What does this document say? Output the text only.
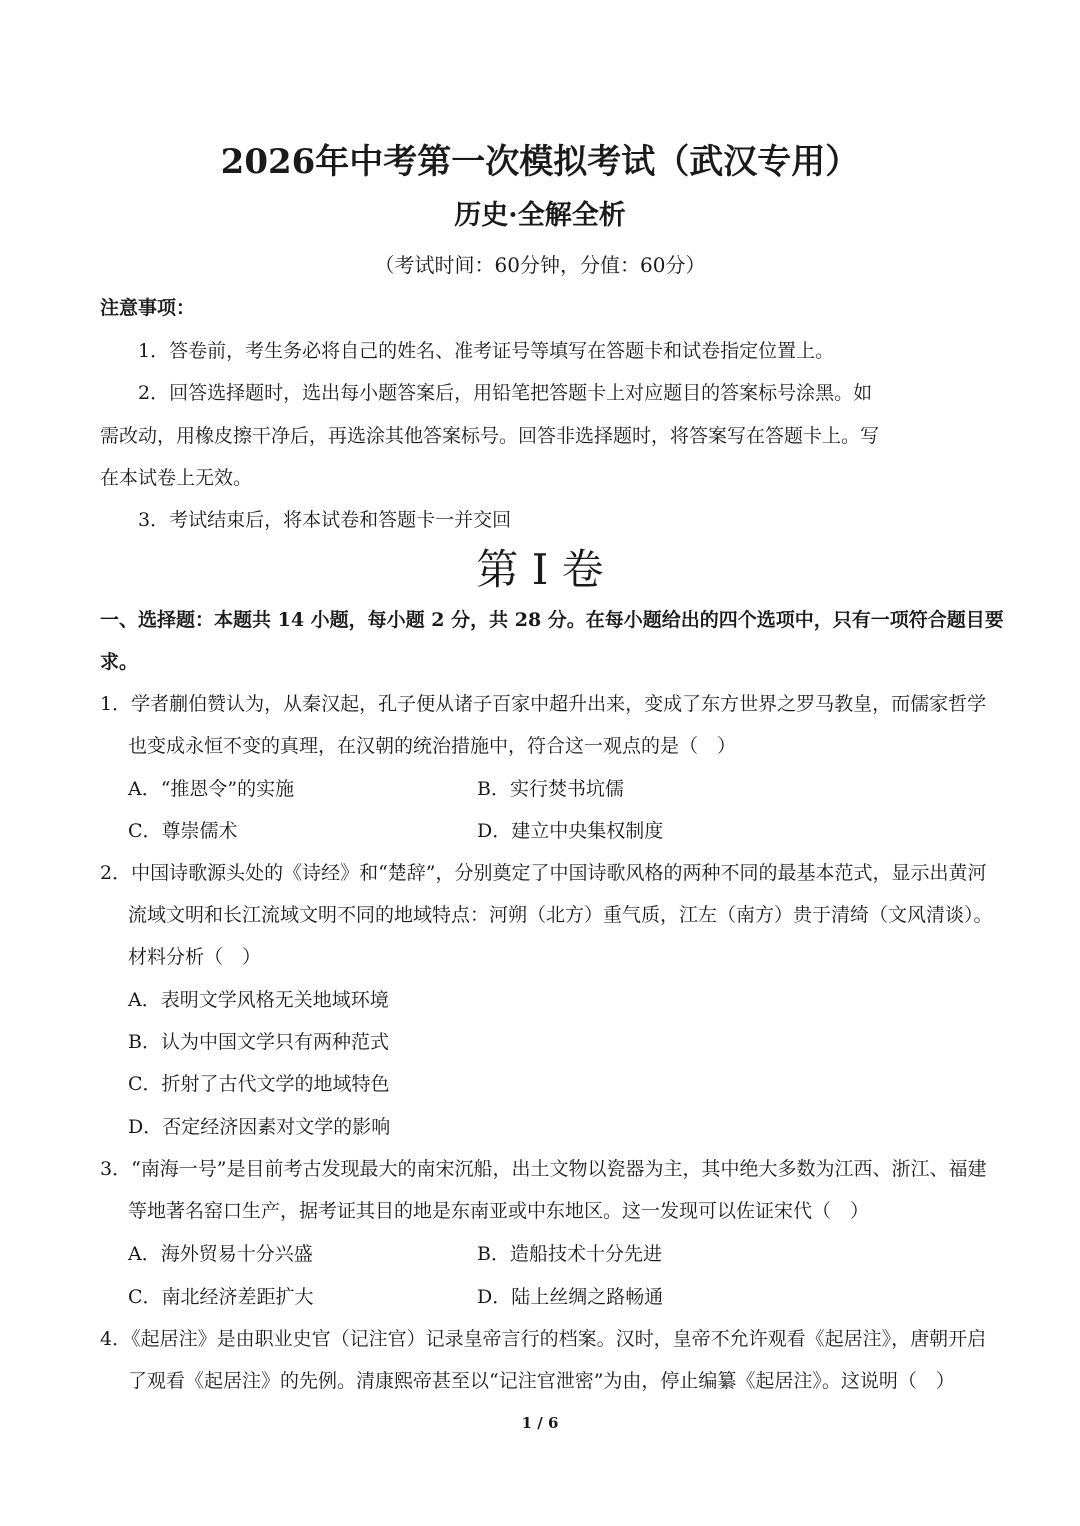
2026年中考第一次模拟考试（武汉专用）
历史·全解全析
（考试时间：60分钟，分值：60分）
注意事项：
1．答卷前，考生务必将自己的姓名、准考证号等填写在答题卡和试卷指定位置上。
2．回答选择题时，选出每小题答案后，用铅笔把答题卡上对应题目的答案标号涂黑。如
需改动，用橡皮擦干净后，再选涂其他答案标号。回答非选择题时，将答案写在答题卡上。写
在本试卷上无效。
3．考试结束后，将本试卷和答题卡一并交回
第 I 卷
一、选择题：本题共 14 小题，每小题 2 分，共 28 分。在每小题给出的四个选项中，只有一项符合题目要
求。
1．学者蒯伯赞认为，从秦汉起，孔子便从诸子百家中超升出来，变成了东方世界之罗马教皇，而儒家哲学
也变成永恒不变的真理，在汉朝的统治措施中，符合这一观点的是（　）
A．“推恩令”的实施	B．实行焚书坑儒
C．尊崇儒术	D．建立中央集权制度
2．中国诗歌源头处的《诗经》和“楚辞”，分别奠定了中国诗歌风格的两种不同的最基本范式，显示出黄河
流域文明和长江流域文明不同的地域特点：河朔（北方）重气质，江左（南方）贵于清绮（文风清谈）。
材料分析（　）
A．表明文学风格无关地域环境
B．认为中国文学只有两种范式
C．折射了古代文学的地域特色
D．否定经济因素对文学的影响
3．“南海一号”是目前考古发现最大的南宋沉船，出土文物以瓷器为主，其中绝大多数为江西、浙江、福建
等地著名窑口生产，据考证其目的地是东南亚或中东地区。这一发现可以佐证宋代（　）
A．海外贸易十分兴盛	B．造船技术十分先进
C．南北经济差距扩大	D．陆上丝绸之路畅通
4．《起居注》是由职业史官（记注官）记录皇帝言行的档案。汉时，皇帝不允许观看《起居注》，唐朝开启
了观看《起居注》的先例。清康熙帝甚至以“记注官泄密”为由，停止编纂《起居注》。这说明（　）
1 / 6
